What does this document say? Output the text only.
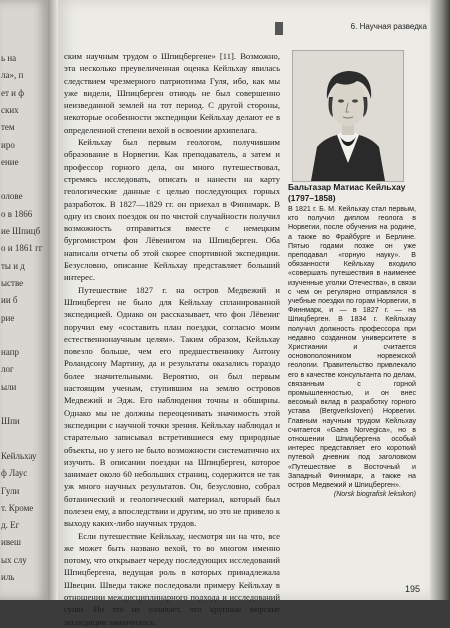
ь на
ла», п
ет и ф
ских
тем
иро
ение
олове
о в 1866
ие Шпицб
о и 1861 гг
ты и д
ыстве
ии б
рие
напр
лог
ыли
Шпи
Кейльхау
ф Лаус
Гули
т. Кроме
д. Ег
ивеш
ых слу
иль
6. Научная разведка

ским научным трудом о Шпицбергене» [11]. Возможно, эта несколько преувеличенная оценка Кейльхау явилась следствием чрезмерного патриотизма Гуля, ибо, как мы уже видели, Шпицберген отнюдь не был совершенно неизведанной землей на тот период. С другой стороны, некоторые особенности экспедиции Кейльхау делают ее в определенной степени вехой в освоении архипелага.

Кейльхау был первым геологом, получившим образование в Норвегии. Как преподаватель, а затем и профессор горного дела, он много путешествовал, стремясь исследовать, описать и нанести на карту геологические данные с целью последующих горных разработок. В 1827—1829 гг. он приехал в Финнмарк. В одну из своих поездок он по чистой случайности получил возможность отправиться вместе с немецким бургомистром фон Лёвенигом на Шпицберген. Оба написали отчеты об этой скорее спортивной экспедиции. Безусловно, описание Кейльхау представляет больший интерес.

Путешествие 1827 г. на остров Медвежий и Шпицберген не было для Кейльхау спланированной экспедицией. Однако он рассказывает, что фон Лёвениг поручил ему «составить план поездки, согласно моим естественнонаучным целям». Таким образом, Кейльхау повезло больше, чем его предшественнику Антону Роландсону Мартину, да и результаты оказались гораздо более значительными. Вероятно, он был первым настоящим ученым, ступившим на землю островов Медвежий и Эдж. Его наблюдения точны и обширны. Однако мы не должны переоценивать значимость этой экспедиции с научной точки зрения. Кейльхау наблюдал и старательно записывал встретившиеся ему природные объекты, но у него не было возможности систематично их изучить. В описании поездки на Шпицберген, которое занимает около 60 небольших страниц, содержится не так уж много научных результатов. Он, безусловно, собрал ботанический и геологический материал, который был полезен ему, а впоследствии и другим, но это не привело к выходу каких-либо научных трудов.

Если путешествие Кейльхау, несмотря ни на что, все же может быть названо вехой, то во многом именно потому, что открывает череду последующих исследований Шпицбергена, ведущая роль в которых принадлежала Швеции. Шведы также последовали примеру Кейльхау в отношении междисциплинарного подхода и исследований суши. Но это не означает, что крупные морские экспедиции закончились.

Бальтазар Матиас Кейльхау (1797–1858)

В 1821 г. Б. М. Кейльхау стал первым, кто получил диплом геолога в Норвегии, после обучения на родине, а также во Фрайбурге и Берлине. Пятью годами позже он уже преподавал «горную науку». В обязанности Кейльхау входило «совершать путешествия в наименее изученные уголки Отечества», в связи с чем он регулярно отправлялся в учебные поездки по горам Норвегии, в Финнмарк, и — в 1827 г. — на Шпицберген. В 1834 г. Кейльхау получил должность профессора при недавно созданном университете в Христиании и считается основоположником норвежской геологии. Правительство привлекало его в качестве консультанта по делам, связанным с горной промышленностью, и он внес весомый вклад в разработку горного устава (Bergverksloven) Норвегии. Главным научным трудом Кейльхау считается «Gaea Norvegica», но в отношении Шпицбергена особый интерес представляет его короткий путевой дневник под заголовком «Путешествие в Восточный и Западный Финнмарк, а также на остров Медвежий и Шпицберген».

(Norsk biografisk leksikon)
195
